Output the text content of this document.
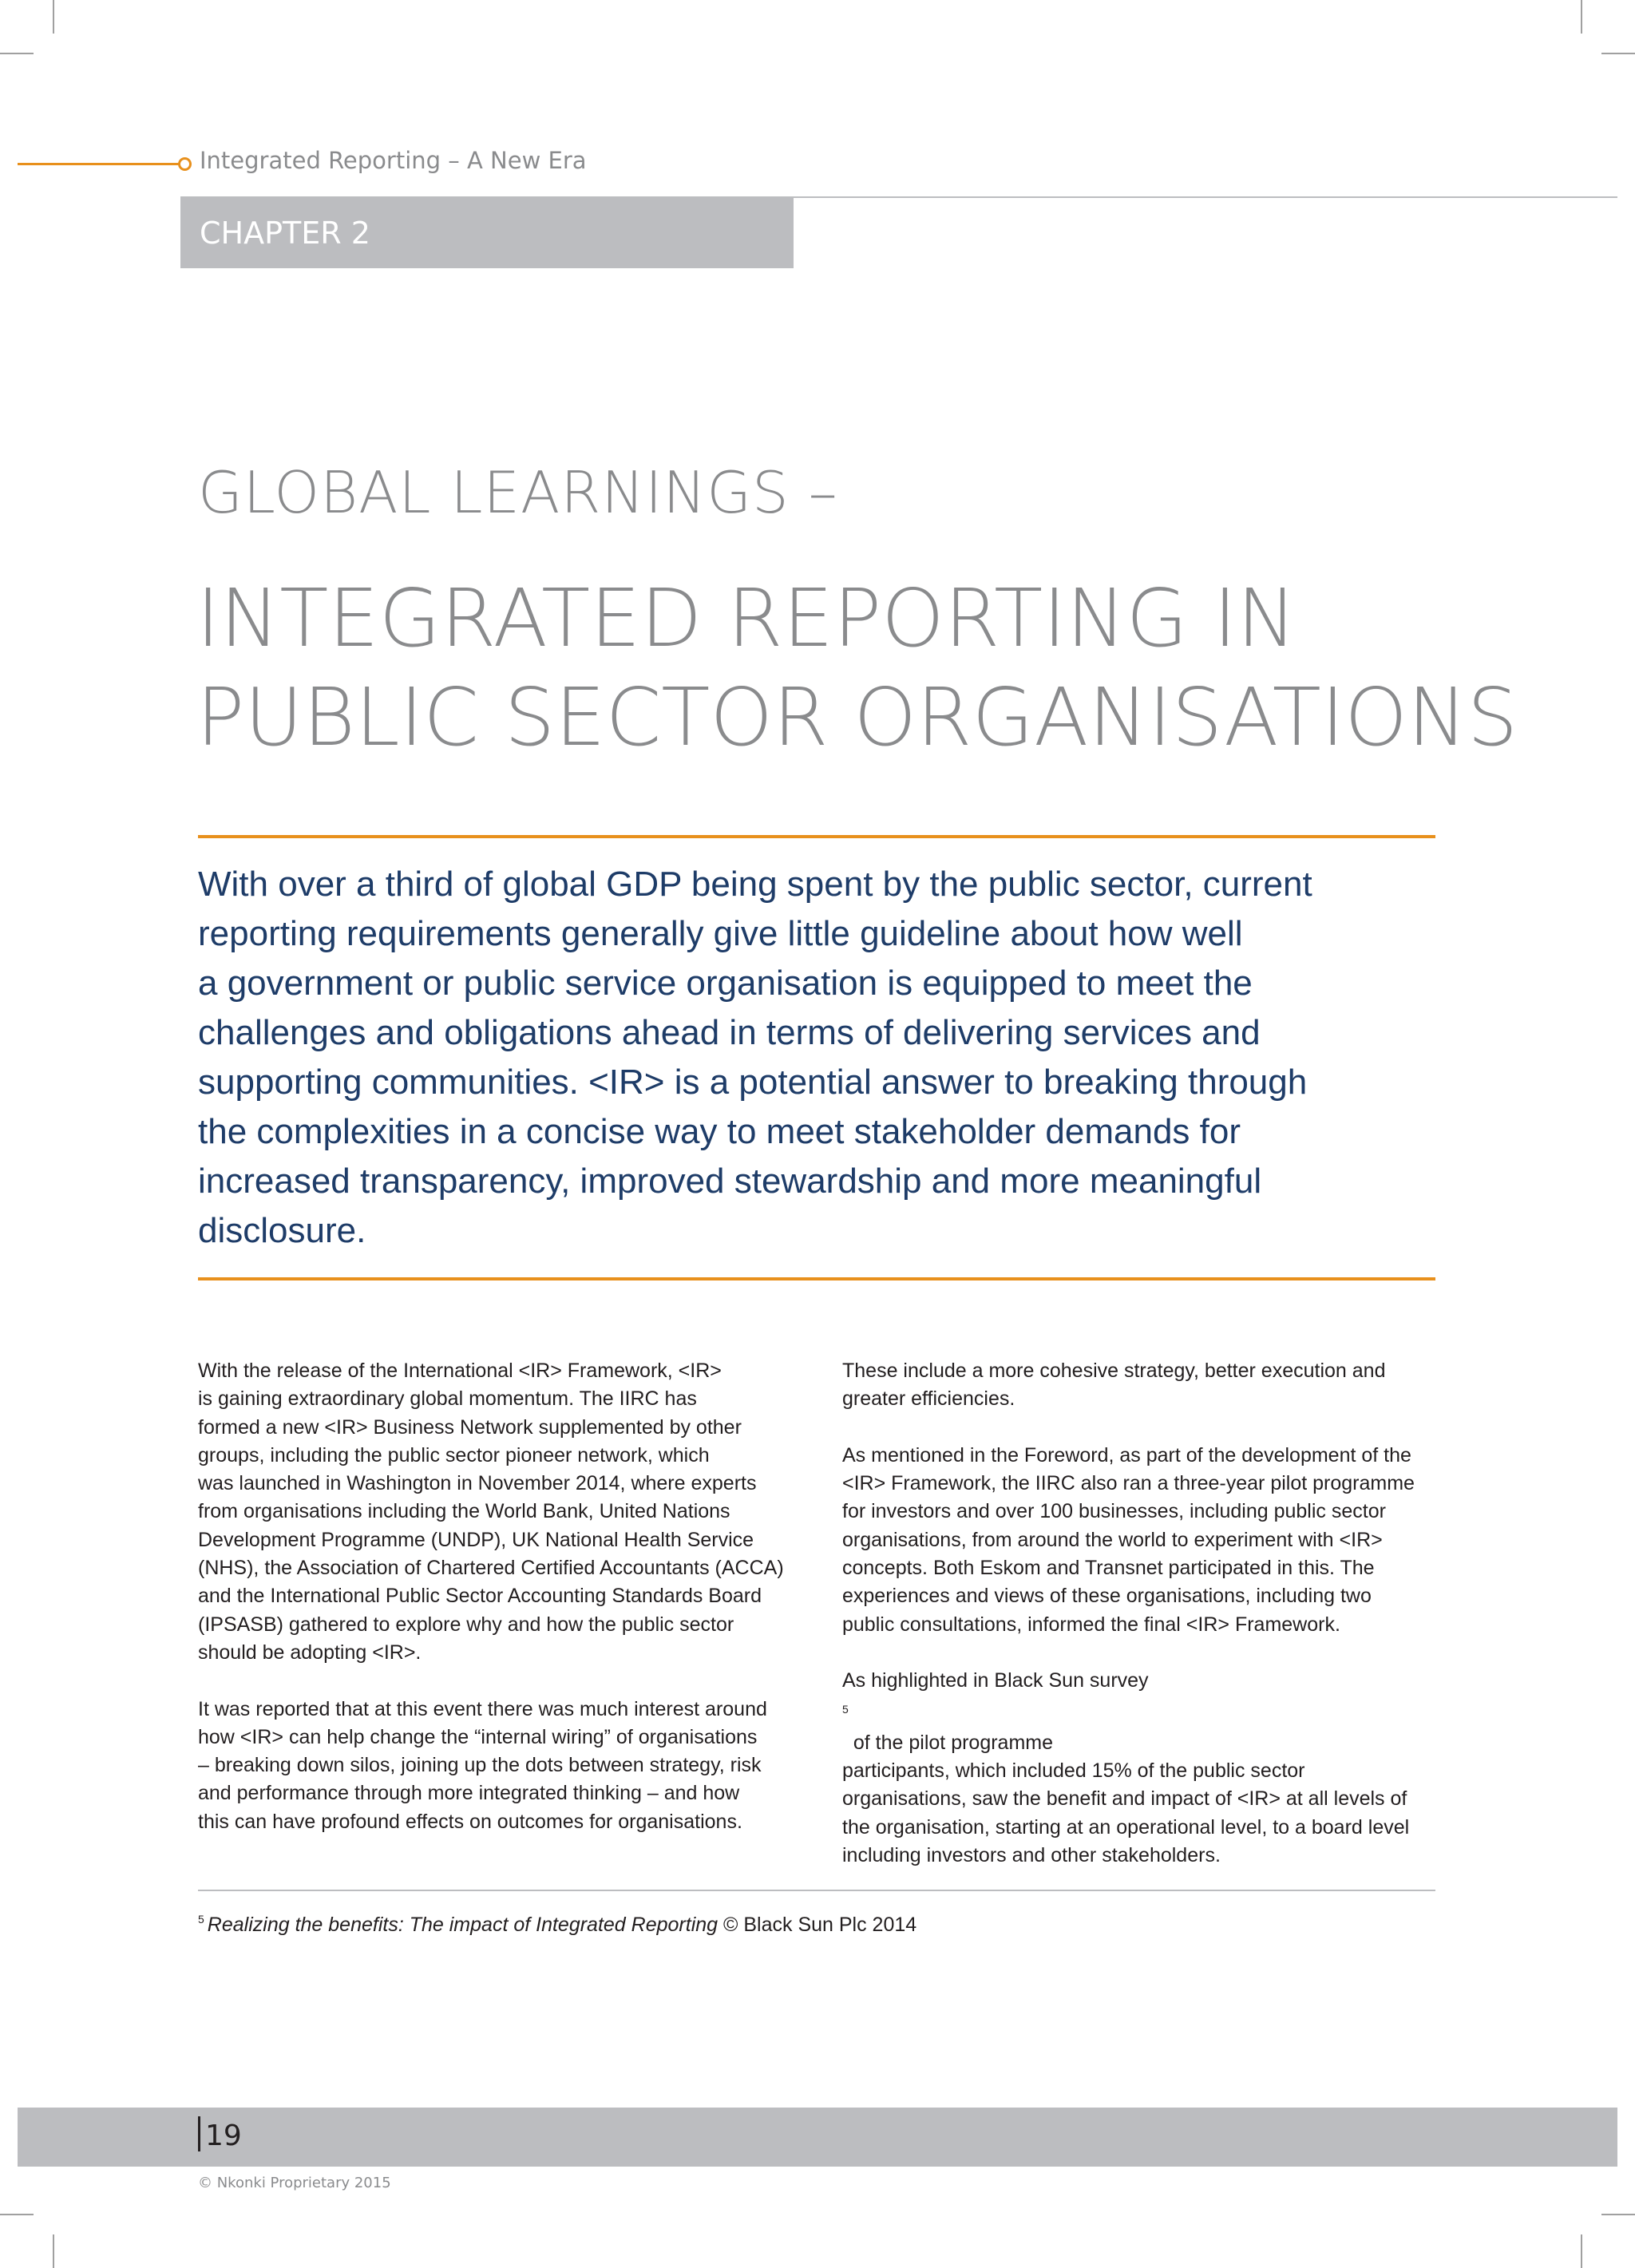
Integrated Reporting – A New Era
CHAPTER 2
GLOBAL LEARNINGS –
INTEGRATED REPORTING IN
PUBLIC SECTOR ORGANISATIONS
With over a third of global GDP being spent by the public sector, current
reporting requirements generally give little guideline about how well
a government or public service organisation is equipped to meet the
challenges and obligations ahead in terms of delivering services and
supporting communities. <IR> is a potential answer to breaking through
the complexities in a concise way to meet stakeholder demands for
increased transparency, improved stewardship and more meaningful
disclosure.

With the release of the International <IR> Framework, <IR>
is gaining extraordinary global momentum. The IIRC has
formed a new <IR> Business Network supplemented by other
groups, including the public sector pioneer network, which
was launched in Washington in November 2014, where experts
from organisations including the World Bank, United Nations
Development Programme (UNDP), UK National Health Service
(NHS), the Association of Chartered Certified Accountants (ACCA)
and the International Public Sector Accounting Standards Board
(IPSASB) gathered to explore why and how the public sector
should be adopting <IR>.

It was reported that at this event there was much interest around
how <IR> can help change the “internal wiring” of organisations
– breaking down silos, joining up the dots between strategy, risk
and performance through more integrated thinking – and how
this can have profound effects on outcomes for organisations.

These include a more cohesive strategy, better execution and
greater efficiencies.

As mentioned in the Foreword, as part of the development of the
<IR> Framework, the IIRC also ran a three-year pilot programme
for investors and over 100 businesses, including public sector
organisations, from around the world to experiment with <IR>
concepts. Both Eskom and Transnet participated in this. The
experiences and views of these organisations, including two
public consultations, informed the final <IR> Framework.

As highlighted in Black Sun survey
$^5$
of the pilot programme
participants, which included 15% of the public sector
organisations, saw the benefit and impact of <IR> at all levels of
the organisation, starting at an operational level, to a board level
including investors and other stakeholders.

$^5$ Realizing the benefits: The impact of Integrated Reporting © Black Sun Plc 2014
19
© Nkonki Proprietary 2015
